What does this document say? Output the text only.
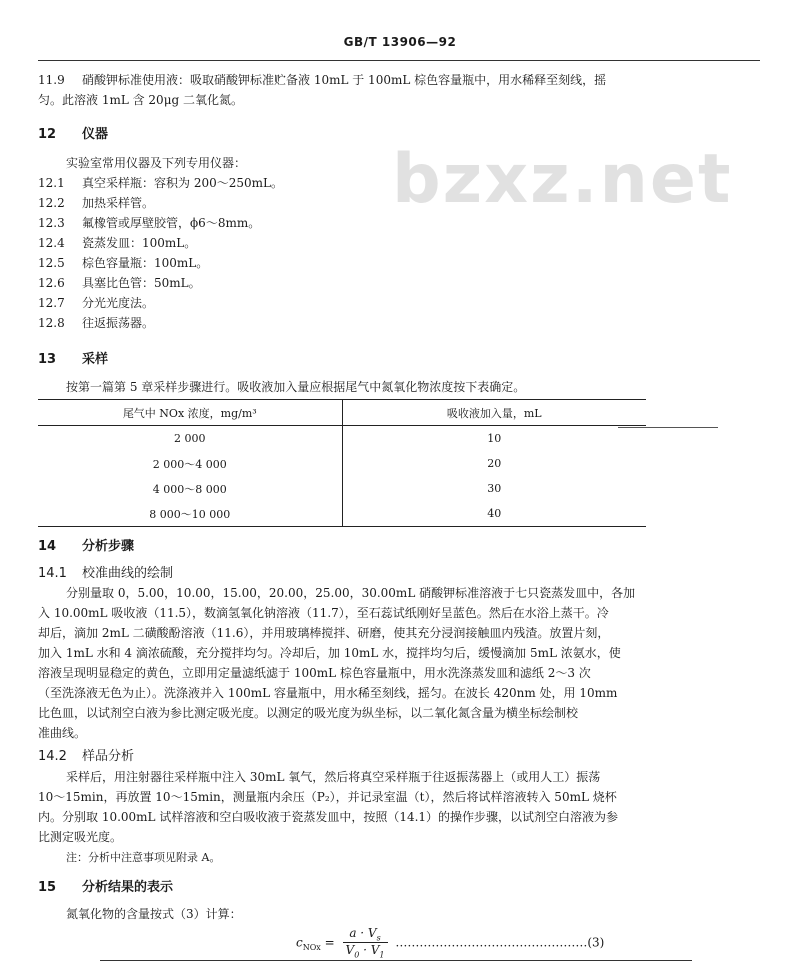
GB/T 13906—92
bzxz.net
11.9 硝酸钾标准使用液：吸取硝酸钾标准贮备液 10mL 于 100mL 棕色容量瓶中，用水稀释至刻线，摇
匀。此溶液 1mL 含 20μg 二氧化氮。
12 仪器
实验室常用仪器及下列专用仪器：
12.1 真空采样瓶：容积为 200～250mL。
12.2 加热采样管。
12.3 氟橡管或厚壁胶管，ϕ6～8mm。
12.4 瓷蒸发皿：100mL。
12.5 棕色容量瓶：100mL。
12.6 具塞比色管：50mL。
12.7 分光光度法。
12.8 往返振荡器。
13 采样
按第一篇第 5 章采样步骤进行。吸收液加入量应根据尾气中氮氧化物浓度按下表确定。
尾气中 NOx 浓度，mg/m³	吸收液加入量，mL
2 000	10
2 000～4 000	20
4 000～8 000	30
8 000～10 000	40
14 分析步骤
14.1 校准曲线的绘制
分别量取 0，5.00，10.00，15.00，20.00，25.00，30.00mL 硝酸钾标准溶液于七只瓷蒸发皿中，各加
入 10.00mL 吸收液（11.5），数滴氢氧化钠溶液（11.7），至石蕊试纸刚好呈蓝色。然后在水浴上蒸干。冷
却后，滴加 2mL 二磺酸酚溶液（11.6），并用玻璃棒搅拌、研磨，使其充分浸润接触皿内残渣。放置片刻，
加入 1mL 水和 4 滴浓硫酸，充分搅拌均匀。冷却后，加 10mL 水，搅拌均匀后，缓慢滴加 5mL 浓氨水，使
溶液呈现明显稳定的黄色，立即用定量滤纸滤于 100mL 棕色容量瓶中，用水洗涤蒸发皿和滤纸 2～3 次
（至洗涤液无色为止）。洗涤液并入 100mL 容量瓶中，用水稀至刻线，摇匀。在波长 420nm 处，用 10mm
比色皿，以试剂空白液为参比测定吸光度。以测定的吸光度为纵坐标，以二氧化氮含量为横坐标绘制校
准曲线。
14.2 样品分析
采样后，用注射器往采样瓶中注入 30mL 氧气，然后将真空采样瓶于往返振荡器上（或用人工）振荡
10～15min，再放置 10～15min，测量瓶内余压（P₂），并记录室温（t），然后将试样溶液转入 50mL 烧杯
内。分别取 10.00mL 试样溶液和空白吸收液于瓷蒸发皿中，按照（14.1）的操作步骤，以试剂空白溶液为参
比测定吸光度。
注：分析中注意事项见附录 A。
15 分析结果的表示
氮氧化物的含量按式（3）计算：
$c_{NOx} = \frac{a \cdot V_s}{V_0 \cdot V_1}$ …………………………………………(3)
